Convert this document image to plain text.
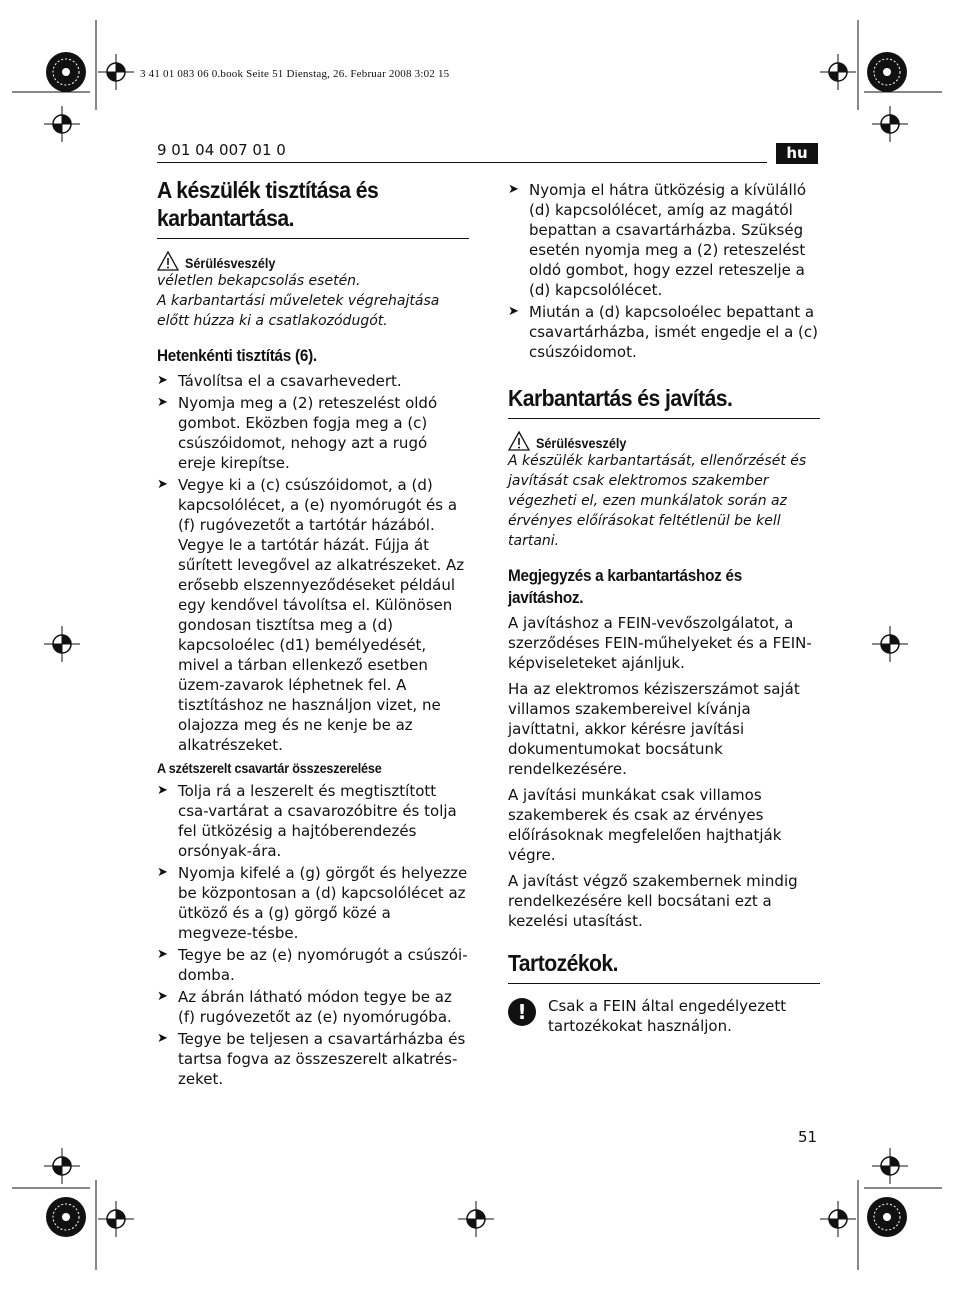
3 41 01 083 06 0.book Seite 51 Dienstag, 26. Februar 2008 3:02 15
9 01 04 007 01 0	hu
A készülék tisztítása és karbantartása.
Sérülésveszély

véletlen bekapcsolás esetén.

A karbantartási műveletek végrehajtása előtt húzza ki a csatlakozódugót.

Hetenkénti tisztítás (6).
➤ Távolítsa el a csavarhevedert.
➤ Nyomja meg a (2) reteszelést oldó gombot. Eközben fogja meg a (c) csúszóidomot, nehogy azt a rugó ereje kirepítse.
➤ Vegye ki a (c) csúszóidomot, a (d) kapcsolólécet, a (e) nyomórugót és a (f) rugóvezetőt a tartótár házából. Vegye le a tartótár házát. Fújja át sűrített levegővel az alkatrészeket. Az erősebb elszennyeződéseket például egy kendővel távolítsa el. Különösen gondosan tisztítsa meg a (d) kapcsoloélec (d1) bemélyedését, mivel a tárban ellenkező esetben üzem-zavarok léphetnek fel. A tisztításhoz ne használjon vizet, ne olajozza meg és ne kenje be az alkatrészeket.
A szétszerelt csavartár összeszerelése
➤ Tolja rá a leszerelt és megtisztított csa-vartárat a csavarozóbitre és tolja fel ütközésig a hajtóberendezés orsónyak-ára.
➤ Nyomja kifelé a (g) görgőt és helyezze be központosan a (d) kapcsolólécet az ütköző és a (g) görgő közé a megveze-tésbe.
➤ Tegye be az (e) nyomórugót a csúszói-domba.
➤ Az ábrán látható módon tegye be az (f) rugóvezetőt az (e) nyomórugóba.
➤ Tegye be teljesen a csavartárházba és tartsa fogva az összeszerelt alkatrés-zeket.
➤ Nyomja el hátra ütközésig a kívülálló (d) kapcsolólécet, amíg az magától bepattan a csavartárházba. Szükség esetén nyomja meg a (2) reteszelést oldó gombot, hogy ezzel reteszelje a (d) kapcsolólécet.
➤ Miután a (d) kapcsoloélec bepattant a csavartárházba, ismét engedje el a (c) csúszóidomot.
Karbantartás és javítás.
Sérülésveszély

A készülék karbantartását, ellenőrzését és javítását csak elektromos szakember végezheti el, ezen munkálatok során az érvényes előírásokat feltétlenül be kell tartani.

Megjegyzés a karbantartáshoz és javításhoz.

A javításhoz a FEIN-vevőszolgálatot, a szerződéses FEIN-műhelyeket és a FEIN-képviseleteket ajánljuk.

Ha az elektromos kéziszerszámot saját villamos szakembereivel kívánja javíttatni, akkor kérésre javítási dokumentumokat bocsátunk rendelkezésére.

A javítási munkákat csak villamos szakemberek és csak az érvényes előírásoknak megfelelően hajthatják végre.

A javítást végző szakembernek mindig rendelkezésére kell bocsátani ezt a kezelési utasítást.

Tartozékok.
!	Csak a FEIN által engedélyezett tartozékokat használjon.
51
